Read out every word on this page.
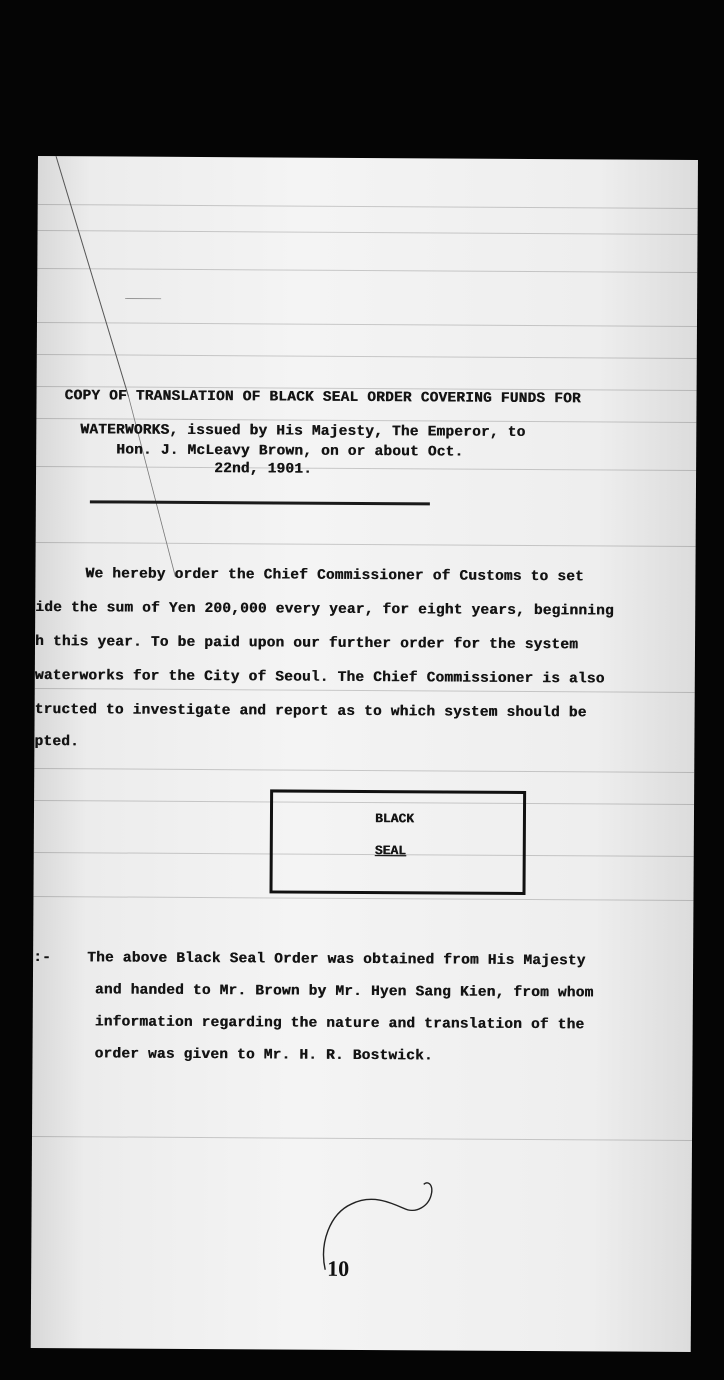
COPY OF TRANSLATION OF BLACK SEAL ORDER COVERING FUNDS FOR
WATERWORKS, issued by His Majesty, The Emperor, to
Hon. J. McLeavy Brown, on or about Oct.
22nd, 1901.
We hereby order the Chief Commissioner of Customs to set
ide the sum of Yen 200,000 every year, for eight years, beginning
h this year. To be paid upon our further order for the system
waterworks for the City of Seoul. The Chief Commissioner is also
tructed to investigate and report as to which system should be
pted.
BLACK
SEAL
:- The above Black Seal Order was obtained from His Majesty
and handed to Mr. Brown by Mr. Hyen Sang Kien, from whom
information regarding the nature and translation of the
order was given to Mr. H. R. Bostwick.
10
